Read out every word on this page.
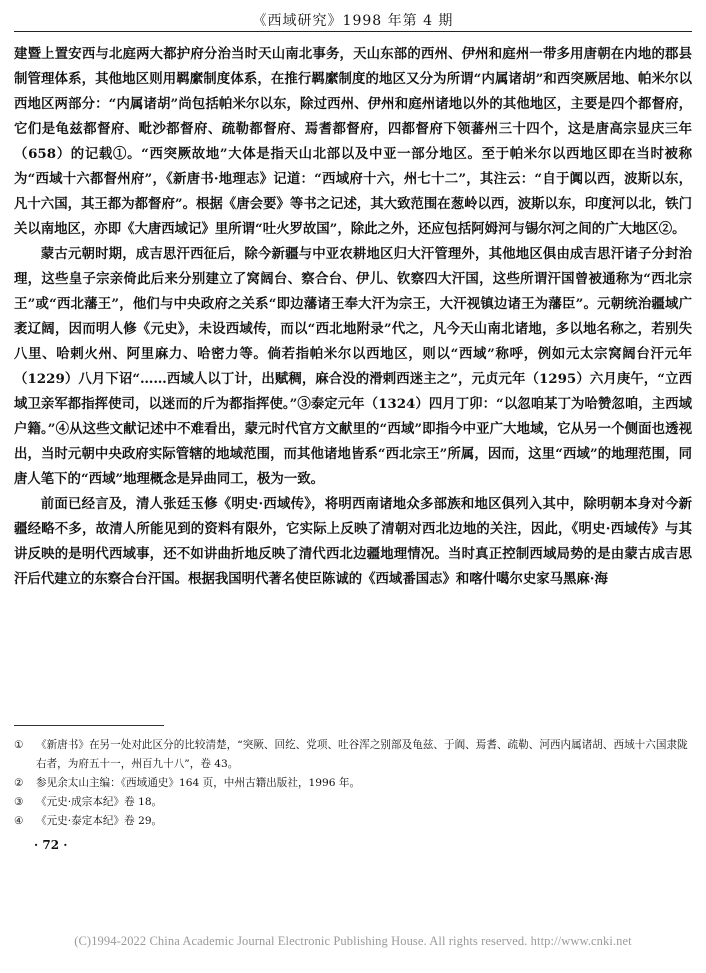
《西域研究》1998 年第 4 期

建暨上置安西与北庭两大都护府分治当时天山南北事务，天山东部的西州、伊州和庭州一带多用唐朝在内地的郡县制管理体系，其他地区则用羁縻制度体系，在推行羁縻制度的地区又分为所谓“内属诸胡”和西突厥居地、帕米尔以西地区两部分：“内属诸胡”尚包括帕米尔以东，除过西州、伊州和庭州诸地以外的其他地区，主要是四个都督府，它们是龟兹都督府、毗沙都督府、疏勒都督府、焉耆都督府，四都督府下领蕃州三十四个，这是唐高宗显庆三年（658）的记载①。“西突厥故地”大体是指天山北部以及中亚一部分地区。至于帕米尔以西地区即在当时被称为“西域十六都督州府”，《新唐书·地理志》记道：“西域府十六，州七十二”，其注云：“自于阗以西，波斯以东，凡十六国，其王都为都督府”。根据《唐会要》等书之记述，其大致范围在葱岭以西，波斯以东，印度河以北，铁门关以南地区，亦即《大唐西域记》里所谓“吐火罗故国”，除此之外，还应包括阿姆河与锡尔河之间的广大地区②。

蒙古元朝时期，成吉思汗西征后，除今新疆与中亚农耕地区归大汗管理外，其他地区俱由成吉思汗诸子分封治理，这些皇子宗亲倚此后来分别建立了窝阔台、察合台、伊儿、钦察四大汗国，这些所谓汗国曾被通称为“西北宗王”或“西北藩王”，他们与中央政府之关系“即边藩诸王奉大汗为宗王，大汗视镇边诸王为藩臣”。元朝统治疆域广袤辽阔，因而明人修《元史》，未设西域传，而以“西北地附录”代之，凡今天山南北诸地，多以地名称之，若别失八里、哈剌火州、阿里麻力、哈密力等。倘若指帕米尔以西地区，则以“西域”称呼，例如元太宗窝阔台汗元年（1229）八月下诏“……西域人以丁计，出赋稠，麻合没的滑剌西迷主之”，元贞元年（1295）六月庚午，“立西域卫亲军都指挥使司，以迷而的斤为都指挥使。”③泰定元年（1324）四月丁卯：“以忽咱某丁为哈赞忽咱，主西域户籍。”④从这些文献记述中不难看出，蒙元时代官方文献里的“西域”即指今中亚广大地域，它从另一个侧面也透视出，当时元朝中央政府实际管辖的地域范围，而其他诸地皆系“西北宗王”所属，因而，这里“西域”的地理范围，同唐人笔下的“西域”地理概念是异曲同工，极为一致。

前面已经言及，清人张廷玉修《明史·西域传》，将明西南诸地众多部族和地区俱列入其中，除明朝本身对今新疆经略不多，故清人所能见到的资料有限外，它实际上反映了清朝对西北边地的关注，因此，《明史·西域传》与其讲反映的是明代西域事，还不如讲曲折地反映了清代西北边疆地理情况。当时真正控制西域局势的是由蒙古成吉思汗后代建立的东察合台汗国。根据我国明代著名使臣陈诚的《西域番国志》和喀什噶尔史家马黑麻·海

① 《新唐书》在另一处对此区分的比较清楚，“突厥、回纥、党项、吐谷浑之别部及龟兹、于阗、焉耆、疏勒、河西内属诸胡、西域十六国隶陇右者，为府五十一，州百九十八”，卷 43。

② 参见余太山主编：《西域通史》164 页，中州古籍出版社，1996 年。

③ 《元史·成宗本纪》卷 18。

④ 《元史·泰定本纪》卷 29。

· 72 ·
(C)1994-2022 China Academic Journal Electronic Publishing House. All rights reserved. http://www.cnki.net
